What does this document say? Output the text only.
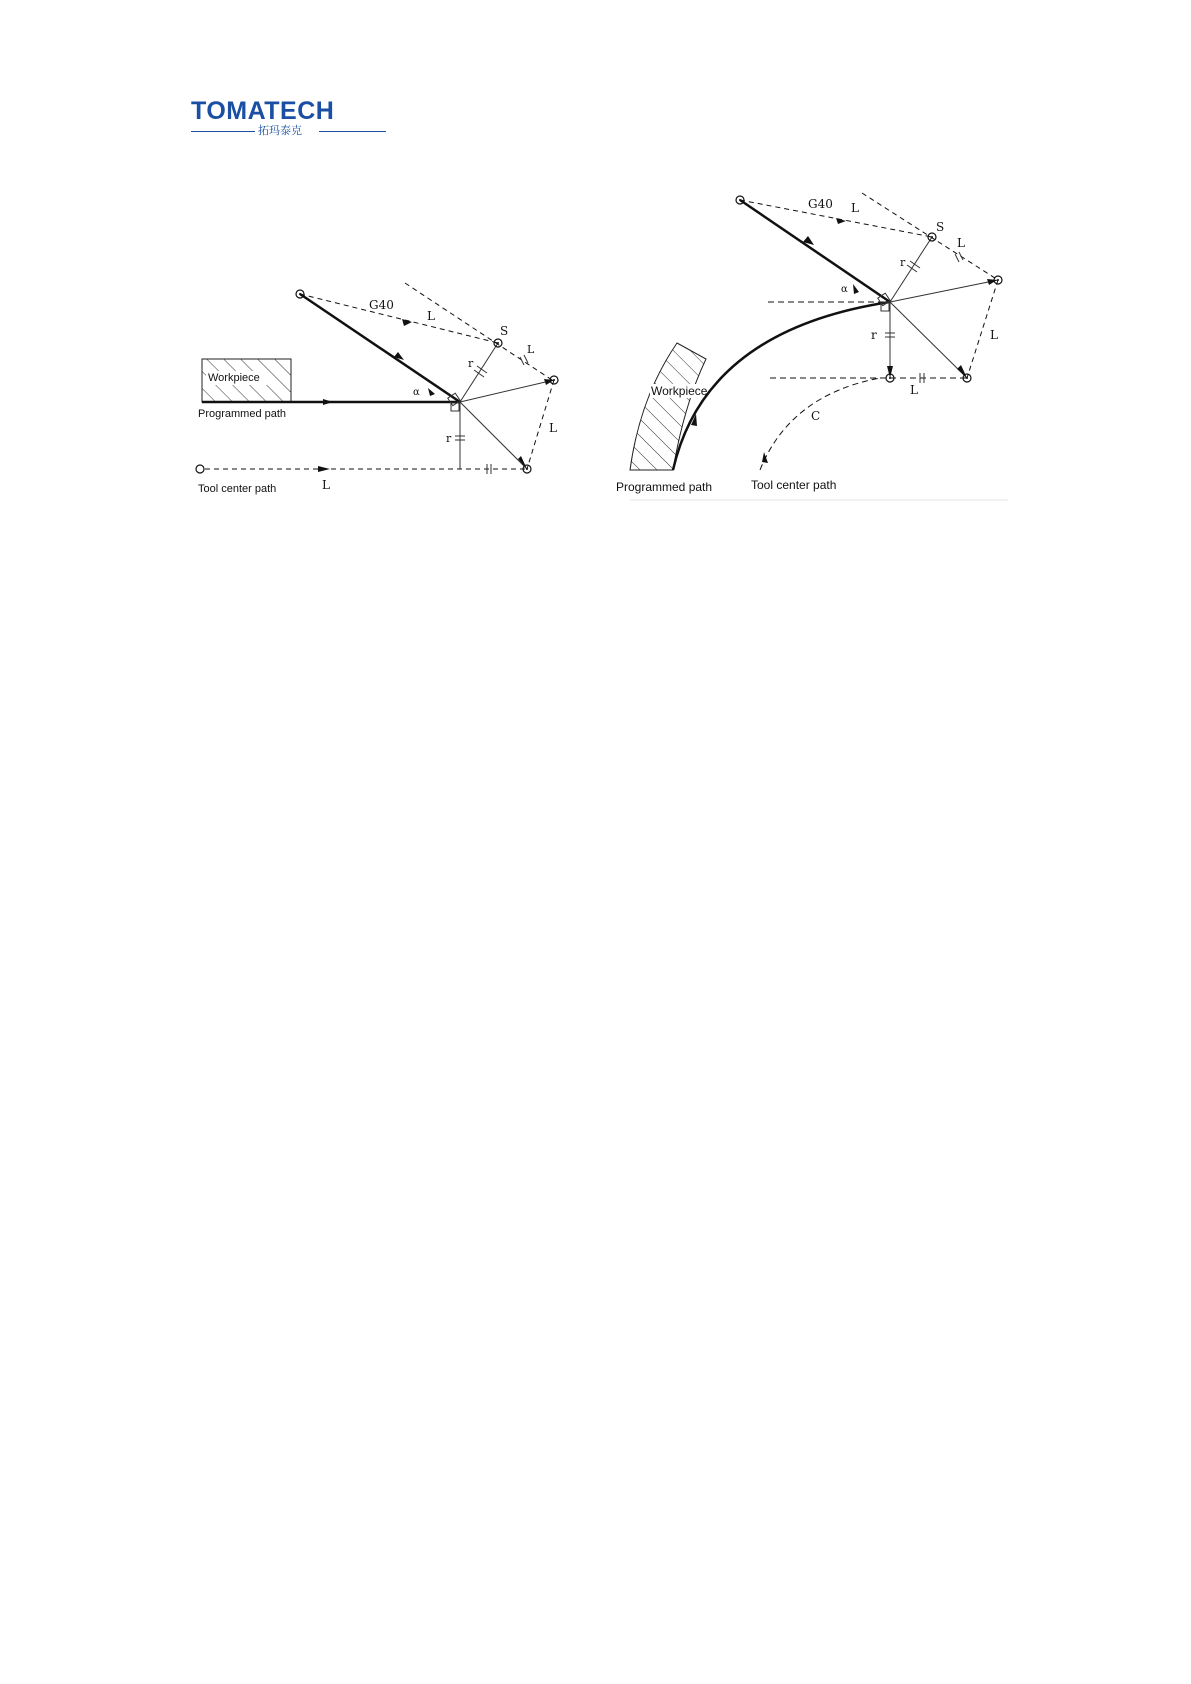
TOMATECH
拓玛泰克
Workpiece
Programmed path
G40
L
S
r
L
L
α
r
L
Tool center path
Workpiece
Programmed path
G40 L
S
r
L
L
α
r
L
C
Tool center path
